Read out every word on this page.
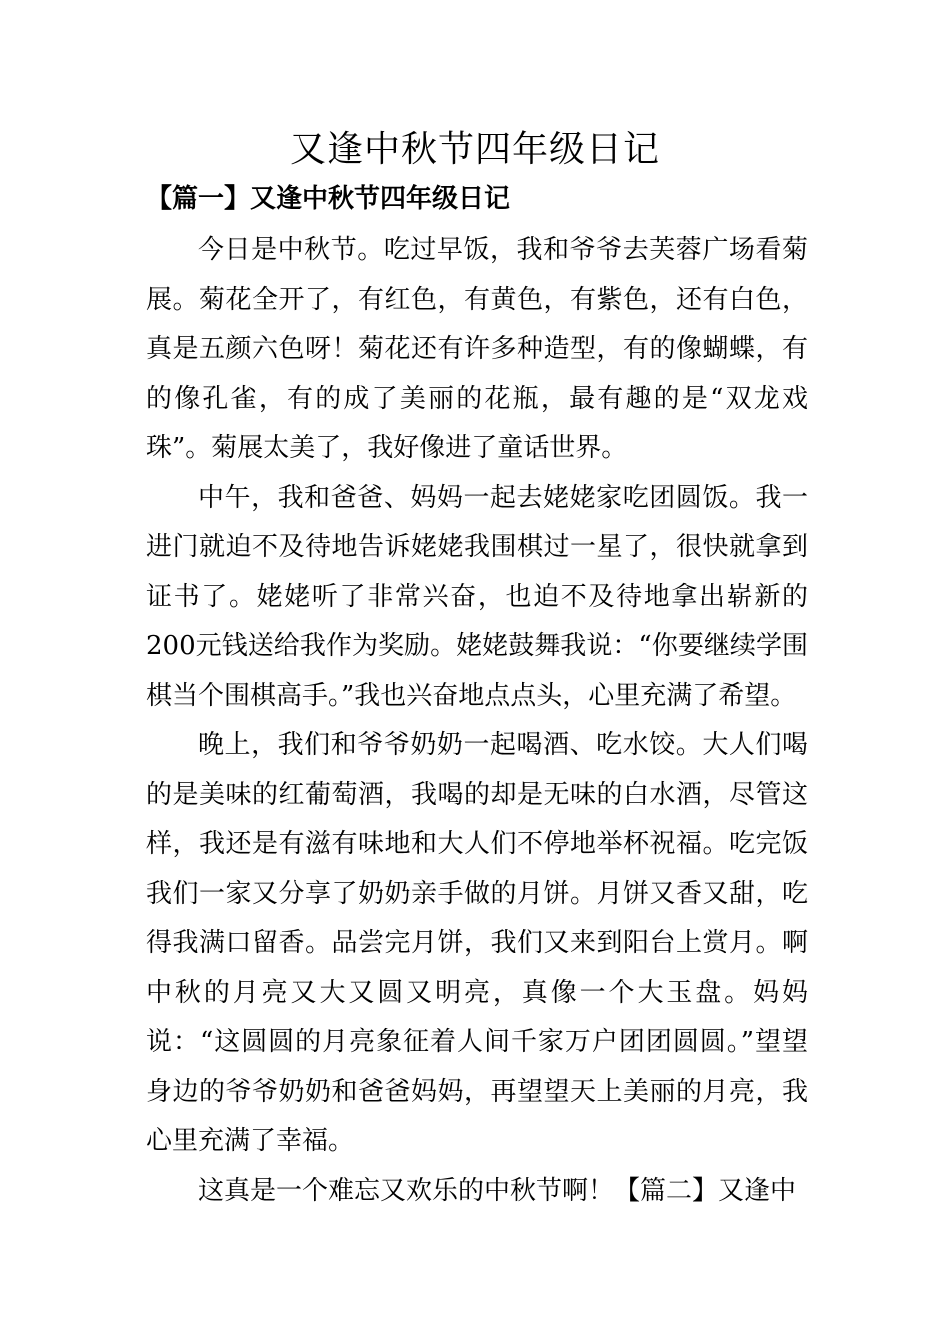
又逢中秋节四年级日记
【篇一】又逢中秋节四年级日记

今日是中秋节。吃过早饭，我和爷爷去芙蓉广场看菊展。菊花全开了，有红色，有黄色，有紫色，还有白色，真是五颜六色呀！菊花还有许多种造型，有的像蝴蝶，有的像孔雀，有的成了美丽的花瓶，最有趣的是“双龙戏珠”。菊展太美了，我好像进了童话世界。

中午，我和爸爸、妈妈一起去姥姥家吃团圆饭。我一进门就迫不及待地告诉姥姥我围棋过一星了，很快就拿到证书了。姥姥听了非常兴奋，也迫不及待地拿出崭新的200元钱送给我作为奖励。姥姥鼓舞我说：“你要继续学围棋当个围棋高手。”我也兴奋地点点头，心里充满了希望。

晚上，我们和爷爷奶奶一起喝酒、吃水饺。大人们喝的是美味的红葡萄酒，我喝的却是无味的白水酒，尽管这样，我还是有滋有味地和大人们不停地举杯祝福。吃完饭我们一家又分享了奶奶亲手做的月饼。月饼又香又甜，吃得我满口留香。品尝完月饼，我们又来到阳台上赏月。啊中秋的月亮又大又圆又明亮，真像一个大玉盘。妈妈说：“这圆圆的月亮象征着人间千家万户团团圆圆。”望望身边的爷爷奶奶和爸爸妈妈，再望望天上美丽的月亮，我心里充满了幸福。

这真是一个难忘又欢乐的中秋节啊！【篇二】又逢中
